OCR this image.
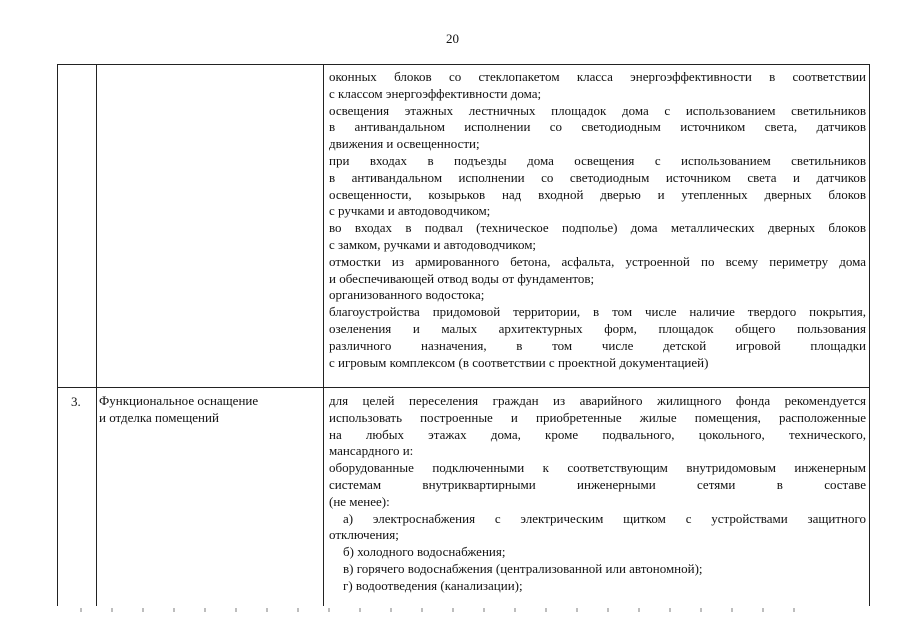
20
оконных блоков со стеклопакетом класса энергоэффективности в соответствии
с классом энергоэффективности дома;
освещения этажных лестничных площадок дома с использованием светильников
в антивандальном исполнении со светодиодным источником света, датчиков
движения и освещенности;
при входах в подъезды дома освещения с использованием светильников
в антивандальном исполнении со светодиодным источником света и датчиков
освещенности, козырьков над входной дверью и утепленных дверных блоков
с ручками и автодоводчиком;
во входах в подвал (техническое подполье) дома металлических дверных блоков
с замком, ручками и автодоводчиком;
отмостки из армированного бетона, асфальта, устроенной по всему периметру дома
и обеспечивающей отвод воды от фундаментов;
организованного водостока;
благоустройства придомовой территории, в том числе наличие твердого покрытия,
озеленения и малых архитектурных форм, площадок общего пользования
различного назначения, в том числе детской игровой площадки
с игровым комплексом (в соответствии с проектной документацией)
3.	Функциональное оснащение
и отделка помещений
для целей переселения граждан из аварийного жилищного фонда рекомендуется
использовать построенные и приобретенные жилые помещения, расположенные
на любых этажах дома, кроме подвального, цокольного, технического,
мансардного и:
оборудованные подключенными к соответствующим внутридомовым инженерным
системам внутриквартирными инженерными сетями в составе
(не менее):
а) электроснабжения с электрическим щитком с устройствами защитного
отключения;
б) холодного водоснабжения;
в) горячего водоснабжения (централизованной или автономной);
г) водоотведения (канализации);
